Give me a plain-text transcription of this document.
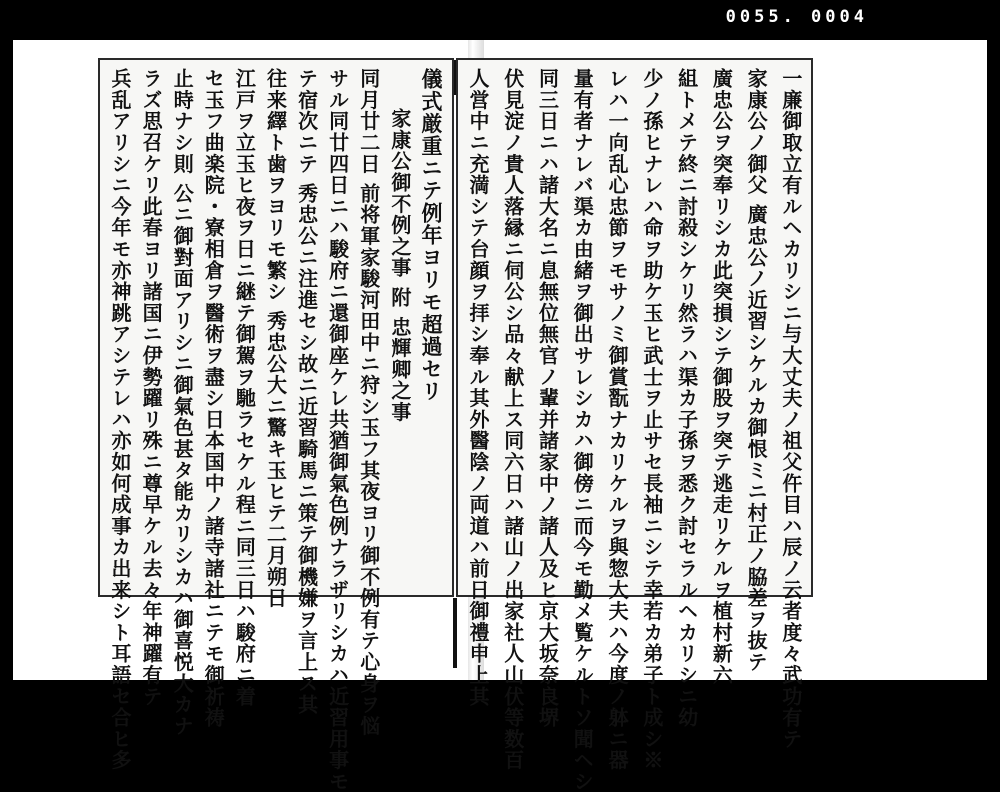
0055. 0004
儀式厳重ニテ例年ヨリモ超過セリ
家康公御不例之事 附 忠輝卿之事
同月廿二日 前将軍家駿河田中ニ狩シ玉フ其夜ヨリ御不例有テ心身ヲ悩
サル同廿四日ニハ駿府ニ還御座ケレ共猶御氣色例ナラザリシカハ近習用事モ
テ宿次ニテ 秀忠公ニ注進セシ故ニ近習騎馬ニ策テ御機嫌ヲ言上ス其
往来繹ト歯ヲヨリモ繁シ 秀忠公大ニ驚キ玉ヒテ二月朔日
江戸ヲ立玉ヒ夜ヲ日ニ継テ御駕ヲ馳ラセケル程ニ同三日ハ駿府ニ着
セ玉フ曲楽院・寮相倉ヲ醫術ヲ盡シ日本国中ノ諸寺諸社ニテモ御祈祷
止時ナシ則 公ニ御對面アリシニ御氣色甚タ能カリシカハ御喜悦大カナ
ラズ思召ケリ此春ヨリ諸国ニ伊勢躍リ殊ニ尊早ケル去々年神躍有テ
兵乱アリシニ今年モ亦神跳アシテレハ亦如何成事カ出来シト耳語セ合ヒ多	一廉御取立有ルヘカリシニ与大丈夫ノ祖父仵目ハ辰ノ云者度々武功有テ
家康公ノ御父 廣忠公ノ近習シケルカ御恨ミニ村正ノ脇差ヲ抜テ
廣忠公ヲ突奉リシカ此突損シテ御股ヲ突テ逃走リケルヲ植村新六
組トメテ終ニ討殺シケリ然ラハ渠カ子孫ヲ悉ク討セラルヘカリシニ幼
少ノ孫ヒナレハ命ヲ助ケ玉ヒ武士ヲ止サセ長袖ニシテ幸若カ弟子ト成シ※
レハ一向乱心忠節ヲモサノミ御賞翫ナカリケルヲ與惣大夫ハ今度ノ躰ニ器
量有者ナレバ渠カ由緒ヲ御出サレシカハ御傍ニ而今モ勤メ覧ケルトソ聞ヘシ
同三日ニハ諸大名ニ息無位無官ノ輩并諸家中ノ諸人及ヒ京大坂奈良堺
伏見淀ノ貴人落縁ニ伺公シ品々献上ス同六日ハ諸山ノ出家社人山伏等数百
人営中ニ充満シテ台顔ヲ拝シ奉ル其外醫陰ノ両道ハ前日御禮申上其
